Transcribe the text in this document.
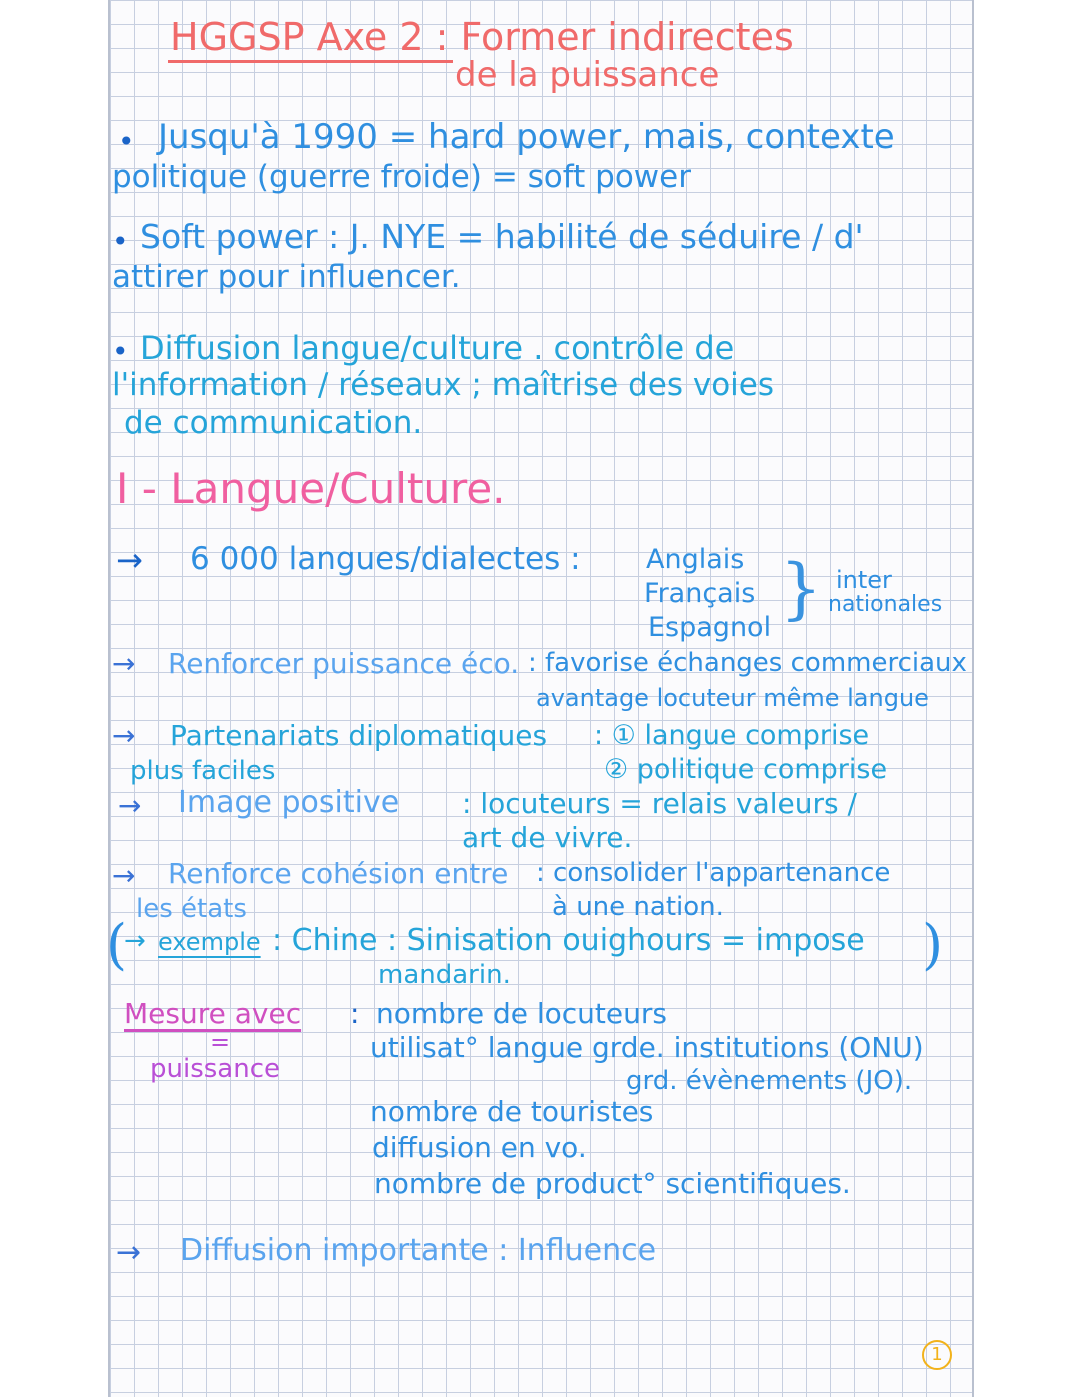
HGGSP Axe 2 : Former indirectes
de la puissance
• Jusqu'à 1990 = hard power, mais, contexte
politique (guerre froide) = soft power
• Soft power : J. NYE = habilité de séduire / d'
attirer pour influencer.
• Diffusion langue/culture . contrôle de
l'information / réseaux ; maîtrise des voies
de communication.
I - Langue/Culture.
→ 6 000 langues/dialectes : Anglais
Français
Espagnol
} inter
nationales
→ Renforcer puissance éco. : favorise échanges commerciaux
avantage locuteur même langue
→ Partenariats diplomatiques : ① langue comprise
plus faciles	② politique comprise
→ Image positive : locuteurs = relais valeurs /
art de vivre.
→ Renforce cohésion entre : consolider l'appartenance
les états	à une nation.
(
→ exemple : Chine : Sinisation ouighours = impose )
mandarin.
Mesure avec
=
puissance
: nombre de locuteurs
utilisat° langue grde. institutions (ONU)
grd. évènements (JO).
nombre de touristes
diffusion en vo.
nombre de product° scientifiques.
→ Diffusion importante : Influence
1
